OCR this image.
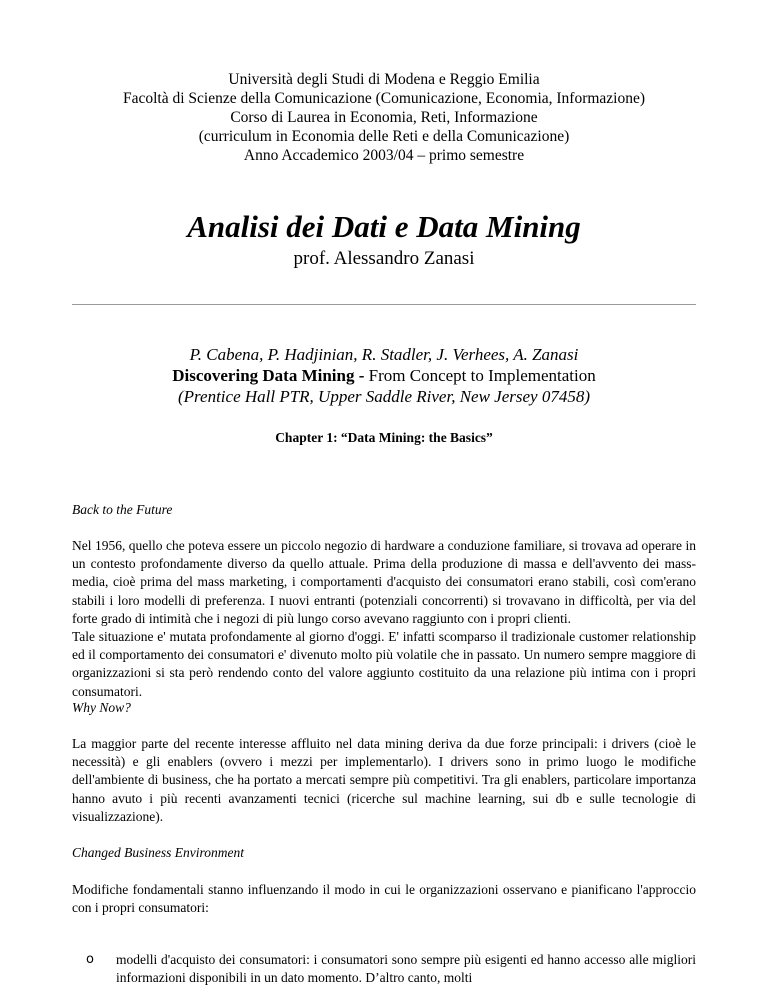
Università degli Studi di Modena e Reggio Emilia
Facoltà di Scienze della Comunicazione (Comunicazione, Economia, Informazione)
Corso di Laurea in Economia, Reti, Informazione
(curriculum in Economia delle Reti e della Comunicazione)
Anno Accademico 2003/04 – primo semestre
Analisi dei Dati e Data Mining
prof. Alessandro Zanasi
P. Cabena, P. Hadjinian, R. Stadler, J. Verhees, A. Zanasi
Discovering Data Mining - From Concept to Implementation
(Prentice Hall PTR, Upper Saddle River, New Jersey 07458)
Chapter 1: “Data Mining: the Basics”
Back to the Future

Nel 1956, quello che poteva essere un piccolo negozio di hardware a conduzione familiare, si trovava ad operare in un contesto profondamente diverso da quello attuale. Prima della produzione di massa e dell'avvento dei mass-media, cioè prima del mass marketing, i comportamenti d'acquisto dei consumatori erano stabili, così com'erano stabili i loro modelli di preferenza. I nuovi entranti (potenziali concorrenti) si trovavano in difficoltà, per via del forte grado di intimità che i negozi di più lungo corso avevano raggiunto con i propri clienti.

Tale situazione e' mutata profondamente al giorno d'oggi. E' infatti scomparso il tradizionale customer relationship ed il comportamento dei consumatori e' divenuto molto più volatile che in passato. Un numero sempre maggiore di organizzazioni si sta però rendendo conto del valore aggiunto costituito da una relazione più intima con i propri consumatori.

Why Now?

La maggior parte del recente interesse affluito nel data mining deriva da due forze principali: i drivers (cioè le necessità) e gli enablers (ovvero i mezzi per implementarlo). I drivers sono in primo luogo le modifiche dell'ambiente di business, che ha portato a mercati sempre più competitivi. Tra gli enablers, particolare importanza hanno avuto i più recenti avanzamenti tecnici (ricerche sul machine learning, sui db e sulle tecnologie di visualizzazione).

Changed Business Environment

Modifiche fondamentali stanno influenzando il modo in cui le organizzazioni osservano e pianificano l'approccio con i propri consumatori:

o modelli d'acquisto dei consumatori: i consumatori sono sempre più esigenti ed hanno accesso alle migliori informazioni disponibili in un dato momento. D’altro canto, molti
